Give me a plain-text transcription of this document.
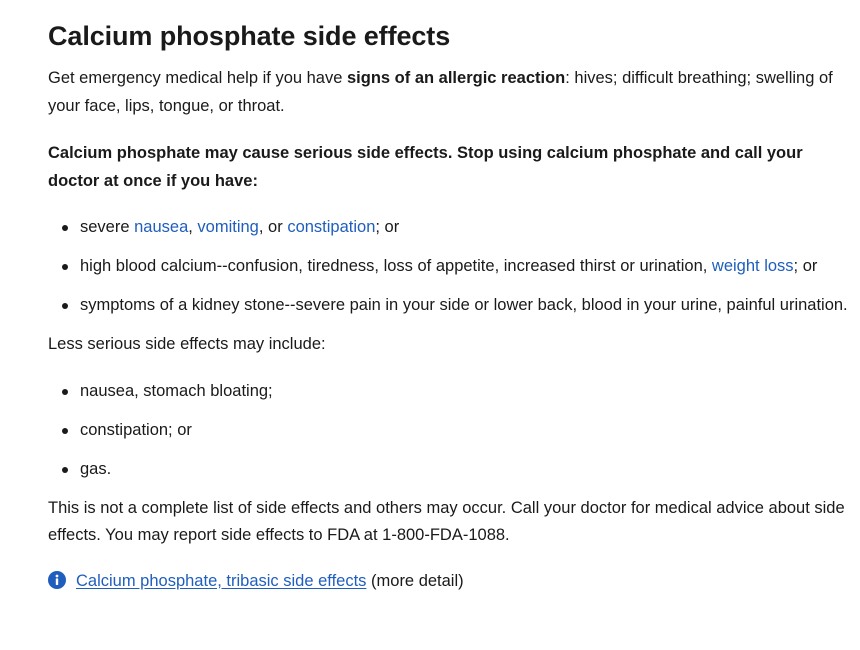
Calcium phosphate side effects

Get emergency medical help if you have signs of an allergic reaction: hives; difficult breathing; swelling of your face, lips, tongue, or throat.

Calcium phosphate may cause serious side effects. Stop using calcium phosphate and call your doctor at once if you have:

severe nausea, vomiting, or constipation; or
high blood calcium--confusion, tiredness, loss of appetite, increased thirst or urination, weight loss; or
symptoms of a kidney stone--severe pain in your side or lower back, blood in your urine, painful urination.

Less serious side effects may include:

nausea, stomach bloating;
constipation; or
gas.

This is not a complete list of side effects and others may occur. Call your doctor for medical advice about side effects. You may report side effects to FDA at 1-800-FDA-1088.

Calcium phosphate, tribasic side effects (more detail)
